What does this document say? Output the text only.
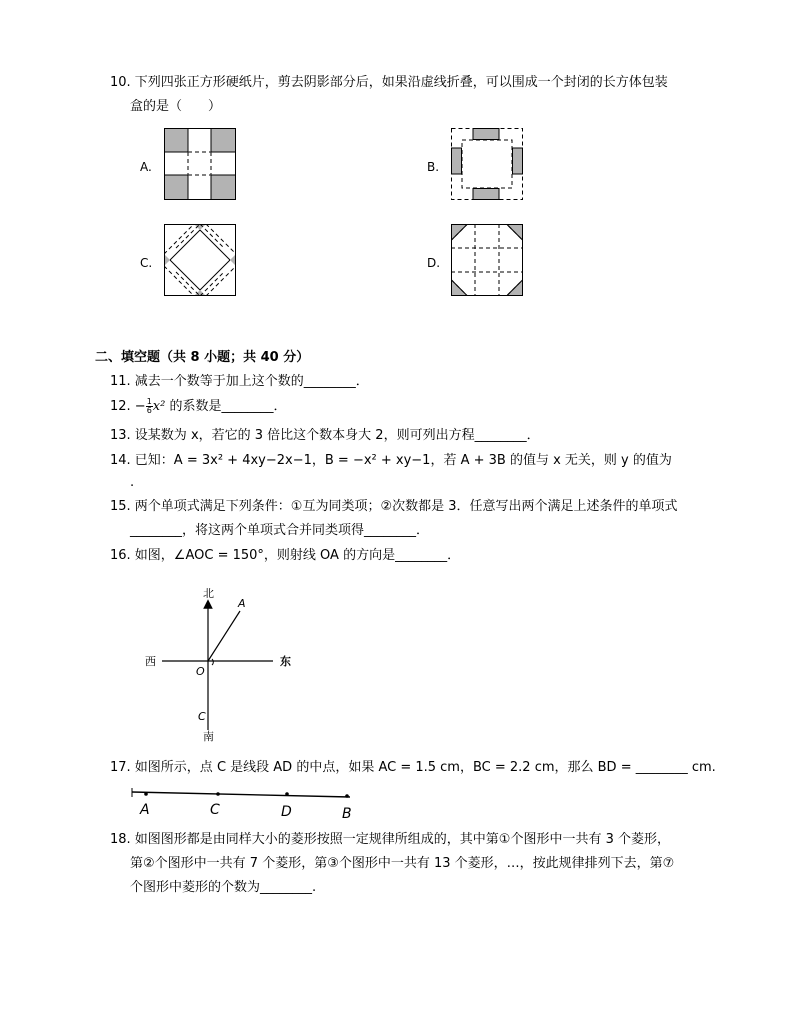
10. 下列四张正方形硬纸片，剪去阴影部分后，如果沿虚线折叠，可以围成一个封闭的长方体包装
盒的是（　　）
A.	B.
C.	D.
二、填空题（共 8 小题；共 40 分）
11. 减去一个数等于加上这个数的________．
12. − $\frac{1}{6} x^2$ 的系数是________．
13. 设某数为 x，若它的 3 倍比这个数本身大 2，则可列出方程________．
14. 已知：A = 3x² + 4xy−2x−1，B = −x² + xy−1，若 A + 3B 的值与 x 无关，则 y 的值为
.
15. 两个单项式满足下列条件：①互为同类项；②次数都是 3．任意写出两个满足上述条件的单项式
________，将这两个单项式合并同类项得________．
16. 如图，∠AOC = 150°，则射线 OA 的方向是________．
北
南
西	东
A
O
C
17. 如图所示，点 C 是线段 AD 的中点，如果 AC = 1.5 cm，BC = 2.2 cm，那么 BD = ________ cm.
A	C	D	B
18. 如图图形都是由同样大小的菱形按照一定规律所组成的，其中第①个图形中一共有 3 个菱形，
第②个图形中一共有 7 个菱形，第③个图形中一共有 13 个菱形，…，按此规律排列下去，第⑦
个图形中菱形的个数为________.
